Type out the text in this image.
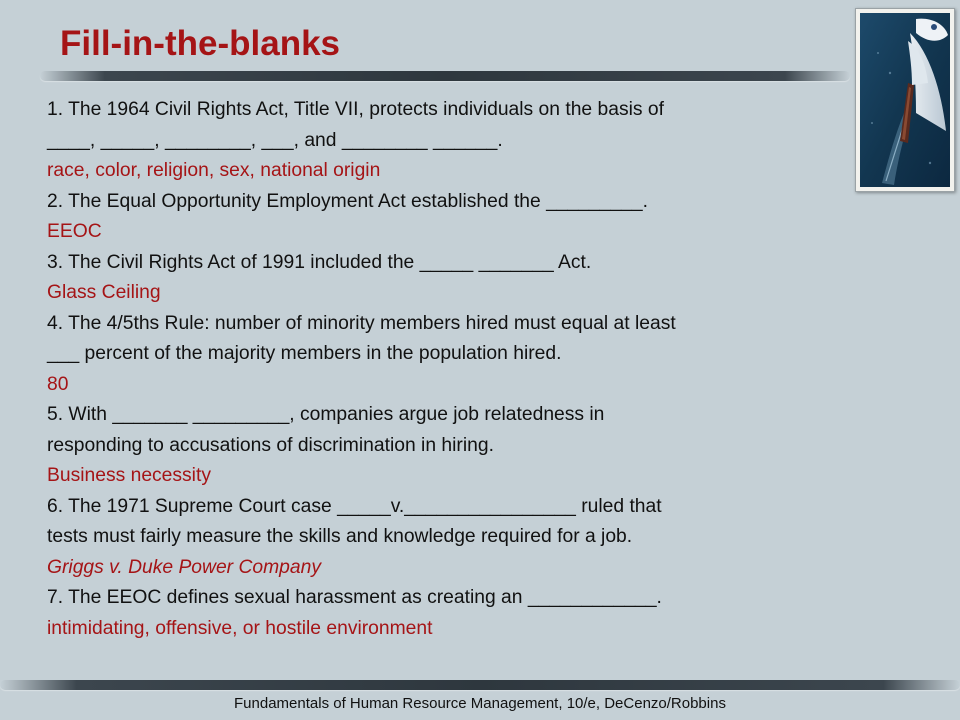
Fill-in-the-blanks
1. The 1964 Civil Rights Act, Title VII, protects individuals on the basis of
____, _____, ________, ___, and ________ ______.
race, color, religion, sex, national origin
2. The Equal Opportunity Employment Act established the _________.
EEOC
3. The Civil Rights Act of 1991 included the _____ _______ Act.
Glass Ceiling
4. The 4/5ths Rule: number of minority members hired must equal at least
___ percent of the majority members in the population hired.
80
5. With _______ _________, companies argue job relatedness in
responding to accusations of discrimination in hiring.
Business necessity
6. The 1971 Supreme Court case _____v.________________ ruled that
tests must fairly measure the skills and knowledge required for a job.
Griggs v. Duke Power Company
7. The EEOC defines sexual harassment as creating an ____________.
intimidating, offensive, or hostile environment
Fundamentals of Human Resource Management, 10/e, DeCenzo/Robbins
